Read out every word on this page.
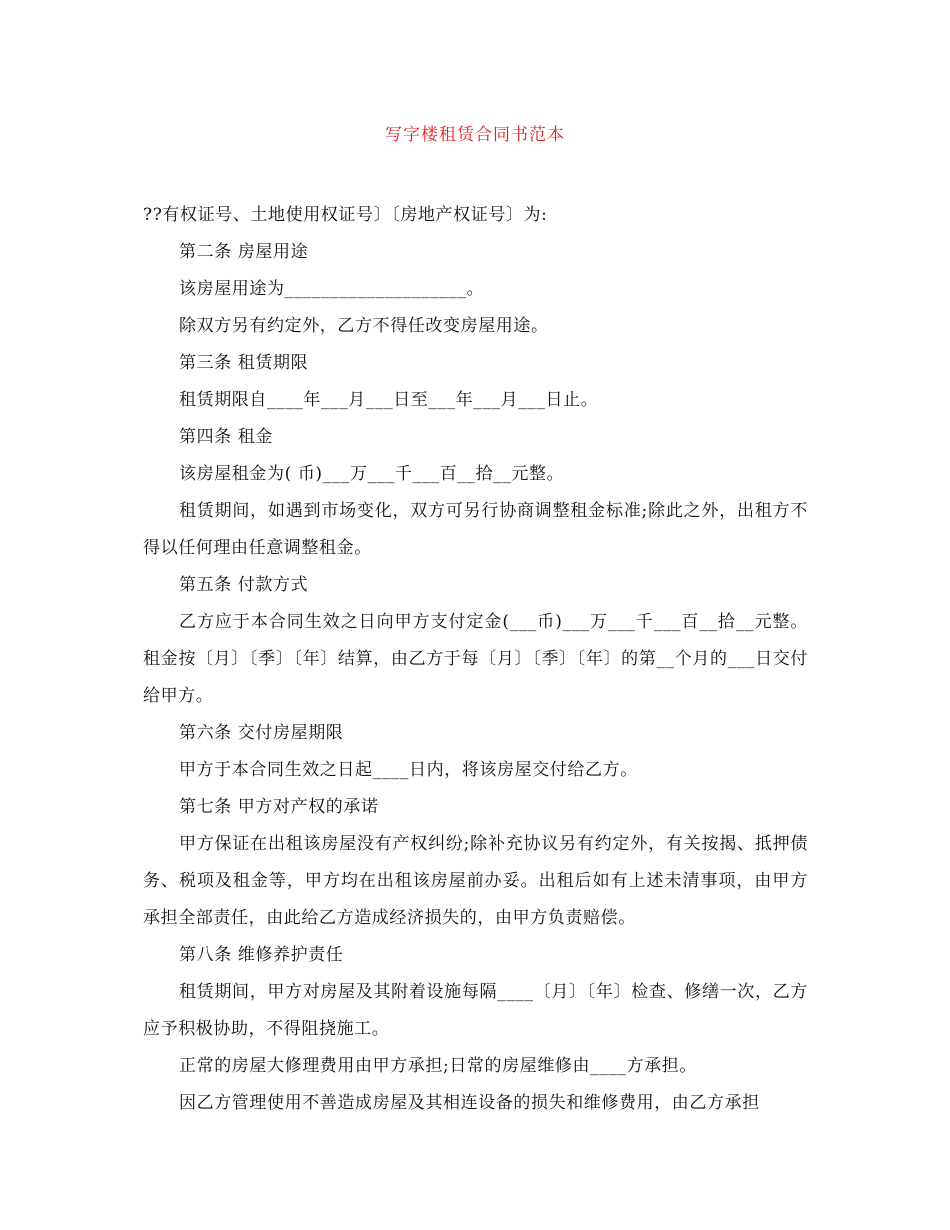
写字楼租赁合同书范本

??有权证号、土地使用权证号〕〔房地产权证号〕为:

第二条 房屋用途

该房屋用途为____________________。

除双方另有约定外，乙方不得任改变房屋用途。

第三条 租赁期限

租赁期限自____年___月___日至___年___月___日止。

第四条 租金

该房屋租金为( 币)___万___千___百__拾__元整。

租赁期间，如遇到市场变化，双方可另行协商调整租金标准;除此之外，出租方不得以任何理由任意调整租金。

第五条 付款方式

乙方应于本合同生效之日向甲方支付定金(___币)___万___千___百__拾__元整。租金按〔月〕〔季〕〔年〕结算，由乙方于每〔月〕〔季〕〔年〕的第__个月的___日交付给甲方。

第六条 交付房屋期限

甲方于本合同生效之日起____日内，将该房屋交付给乙方。

第七条 甲方对产权的承诺

甲方保证在出租该房屋没有产权纠纷;除补充协议另有约定外，有关按揭、抵押债务、税项及租金等，甲方均在出租该房屋前办妥。出租后如有上述未清事项，由甲方承担全部责任，由此给乙方造成经济损失的，由甲方负责赔偿。

第八条 维修养护责任

租赁期间，甲方对房屋及其附着设施每隔____〔月〕〔年〕检查、修缮一次，乙方应予积极协助，不得阻挠施工。

正常的房屋大修理费用由甲方承担;日常的房屋维修由____方承担。

因乙方管理使用不善造成房屋及其相连设备的损失和维修费用，由乙方承担
